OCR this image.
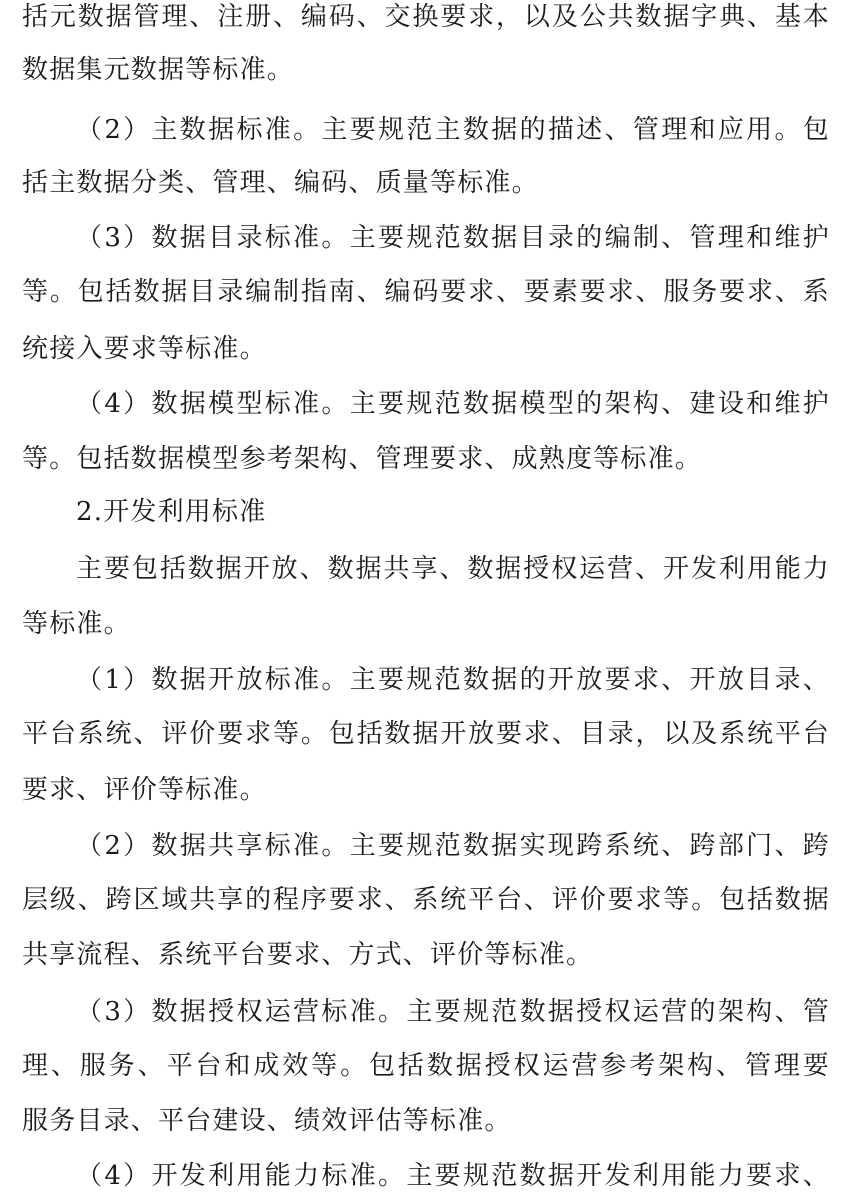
括元数据管理、注册、编码、交换要求，以及公共数据字典、基本
数据集元数据等标准。
（2）主数据标准。主要规范主数据的描述、管理和应用。包
括主数据分类、管理、编码、质量等标准。
（3）数据目录标准。主要规范数据目录的编制、管理和维护
等。包括数据目录编制指南、编码要求、要素要求、服务要求、系
统接入要求等标准。
（4）数据模型标准。主要规范数据模型的架构、建设和维护
等。包括数据模型参考架构、管理要求、成熟度等标准。
2.开发利用标准
主要包括数据开放、数据共享、数据授权运营、开发利用能力
等标准。
（1）数据开放标准。主要规范数据的开放要求、开放目录、
平台系统、评价要求等。包括数据开放要求、目录，以及系统平台
要求、评价等标准。
（2）数据共享标准。主要规范数据实现跨系统、跨部门、跨
层级、跨区域共享的程序要求、系统平台、评价要求等。包括数据
共享流程、系统平台要求、方式、评价等标准。
（3）数据授权运营标准。主要规范数据授权运营的架构、管
理、服务、平台和成效等。包括数据授权运营参考架构、管理要
服务目录、平台建设、绩效评估等标准。
（4）开发利用能力标准。主要规范数据开发利用能力要求、
